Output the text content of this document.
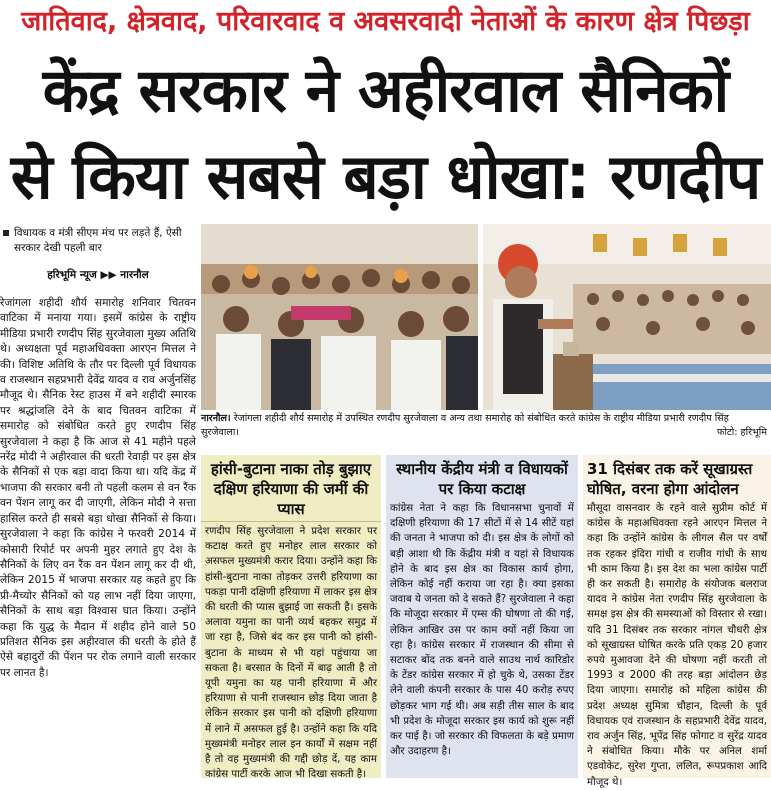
जातिवाद, क्षेत्रवाद, परिवारवाद व अवसरवादी नेताओं के कारण क्षेत्र पिछड़ा
केंद्र सरकार ने अहीरवाल सैनिकों
से किया सबसे बड़ा धोखा: रणदीप
विधायक व मंत्री सीएम मंच पर लड़ते हैं, ऐसी सरकार देखी पहली बार
हरिभूमि न्यूज ▶▶ नारनौल
रेजांगला शहीदी शौर्य समारोह शनिवार चितवन वाटिका में मनाया गया। इसमें कांग्रेस के राष्ट्रीय मीडिया प्रभारी रणदीप सिंह सुरजेवाला मुख्य अतिथि थे। अध्यक्षता पूर्व महाअधिवक्ता आरएन मित्तल ने की। विशिष्ट अतिथि के तौर पर दिल्ली पूर्व विधायक व राजस्थान सहप्रभारी देवेंद्र यादव व राव अर्जुनसिंह मौजूद थे। सैनिक रेस्ट हाउस में बने शहीदी स्मारक पर श्रद्धांजलि देने के बाद चितवन वाटिका में समारोह को संबोधित करते हुए रणदीप सिंह सुरजेवाला ने कहा है कि आज से 41 महीने पहले नरेंद्र मोदी ने अहीरवाल की धरती रेवाड़ी पर इस क्षेत्र के सैनिकों से एक बड़ा वादा किया था। यदि केंद्र में भाजपा की सरकार बनी तो पहली कलम से वन रैंक वन पेंशन लागू कर दी जाएगी, लेकिन मोदी ने सत्ता हासिल करते ही सबसे बड़ा धोखा सैनिकों से किया। सुरजेवाला ने कहा कि कांग्रेस ने फरवरी 2014 में कोसारी रिपोर्ट पर अपनी मुहर लगाते हुए देश के सैनिकों के लिए वन रैंक वन पेंशन लागू कर दी थी, लेकिन 2015 में भाजपा सरकार यह कहते हुए कि प्री-मैच्योर सैनिकों को यह लाभ नहीं दिया जाएगा, सैनिकों के साथ बड़ा विश्वास घात किया। उन्होंने कहा कि युद्ध के मैदान में शहीद होने वाले 50 प्रतिशत सैनिक इस अहीरवाल की धरती के होते हैं ऐसे बहादुरों की पेंशन पर रोक लगाने वाली सरकार पर लानत है।
नारनौल। रेजांगला शहीदी शौर्य समारोह में उपस्थित रणदीप सुरजेवाला व अन्य तथा समारोह को संबोधित करते कांग्रेस के राष्ट्रीय मीडिया प्रभारी रणदीप सिंह सुरजेवाला।	फोटो: हरिभूमि
हांसी-बुटाना नाका तोड़ बुझाए दक्षिण हरियाणा की जमीं की प्यास
रणदीप सिंह सुरजेवाला ने प्रदेश सरकार पर कटाक्ष करते हुए मनोहर लाल सरकार को असफल मुख्यमंत्री करार दिया। उन्होंने कहा कि हांसी-बुटाना नाका तोड़कर उत्तरी हरियाणा का पकड़ा पानी दक्षिणी हरियाणा में लाकर इस क्षेत्र की धरती की प्यास बुझाई जा सकती है। इसके अलावा यमुना का पानी व्यर्थ बहकर समुद्र में जा रहा है, जिसे बंद कर इस पानी को हांसी-बुटाना के माध्यम से भी यहां पहुंचाया जा सकता है। बरसात के दिनों में बाढ़ आती है तो यूपी यमुना का यह पानी हरियाणा में और हरियाणा से पानी राजस्थान छोड़ दिया जाता है लेकिन सरकार इस पानी को दक्षिणी हरियाणा में लाने में असफल हुई है। उन्होंने कहा कि यदि मुख्यमंत्री मनोहर लाल इन कार्यों में सक्षम नहीं है तो वह मुख्यमंत्री की गद्दी छोड़ दें, यह काम कांग्रेस पार्टी करके आज भी दिखा सकती है।
स्थानीय केंद्रीय मंत्री व विधायकों पर किया कटाक्ष
कांग्रेस नेता ने कहा कि विधानसभा चुनावों में दक्षिणी हरियाणा की 17 सीटों में से 14 सीटें यहां की जनता ने भाजपा को दी। इस क्षेत्र के लोगों को बड़ी आशा थी कि केंद्रीय मंत्री व यहां से विधायक होने के बाद इस क्षेत्र का विकास कार्य होगा, लेकिन कोई नहीं कराया जा रहा है। क्या इसका जवाब ये जनता को दे सकते हैं? सुरजेवाला ने कहा कि मोजूदा सरकार में एम्स की घोषणा तो की गई, लेकिन आखिर उस पर काम क्यों नहीं किया जा रहा है। कांग्रेस सरकार में राजस्थान की सीमा से सटाकर बोंद तक बनने वाले साउथ नार्थ कारिडोर के टेंडर कांग्रेस सरकार में हो चुके थे, उसका टेंडर लेने वाली कंपनी सरकार के पास 40 करोड़ रुपए छोड़कर भाग गई थी। अब सड़ी तीस साल के बाद भी प्रदेश के मोजूदा सरकार इस कार्य को शुरू नहीं कर पाई है। जो सरकार की विफलता के बड़े प्रमाण और उदाहरण है।
31 दिसंबर तक करें सूखाग्रस्त घोषित, वरना होगा आंदोलन
मौसूदा वासनवार के रहने वाले सुप्रीम कोर्ट में कांग्रेस के महाअधिवक्ता रहने आरएन मित्तल ने कहा कि उन्होंने कांग्रेस के लीगल सैल पर वर्षों तक रहकर इंदिरा गांधी व राजीव गांधी के साथ भी काम किया है। इस देश का भला कांग्रेस पार्टी ही कर सकती है। समारोह के संयोजक बलराज यादव ने कांग्रेस नेता रणदीप सिंह सुरजेवाला के समक्ष इस क्षेत्र की समस्याओं को विस्तार से रखा। यदि 31 दिसंबर तक सरकार नांगल चौधरी क्षेत्र को सूखाग्रस्त घोषित करके प्रति एकड़ 20 हजार रुपये मुआवजा देने की घोषणा नहीं करती तो 1993 व 2000 की तरह बड़ा आंदोलन छेड़ दिया जाएगा। समारोह को महिला कांग्रेस की प्रदेश अध्यक्ष सुमित्रा चौहान, दिल्ली के पूर्व विधायक एवं राजस्थान के सहप्रभारी देवेंद्र यादव, राव अर्जुन सिंह, भूपेंद्र सिंह फोगाट व सुरेंद्र यादव ने संबोधित किया। मौके पर अनिल शर्मा एडवोकेट, सुरेश गुप्ता, ललित, रूपप्रकाश आदि मौजूद थे।
